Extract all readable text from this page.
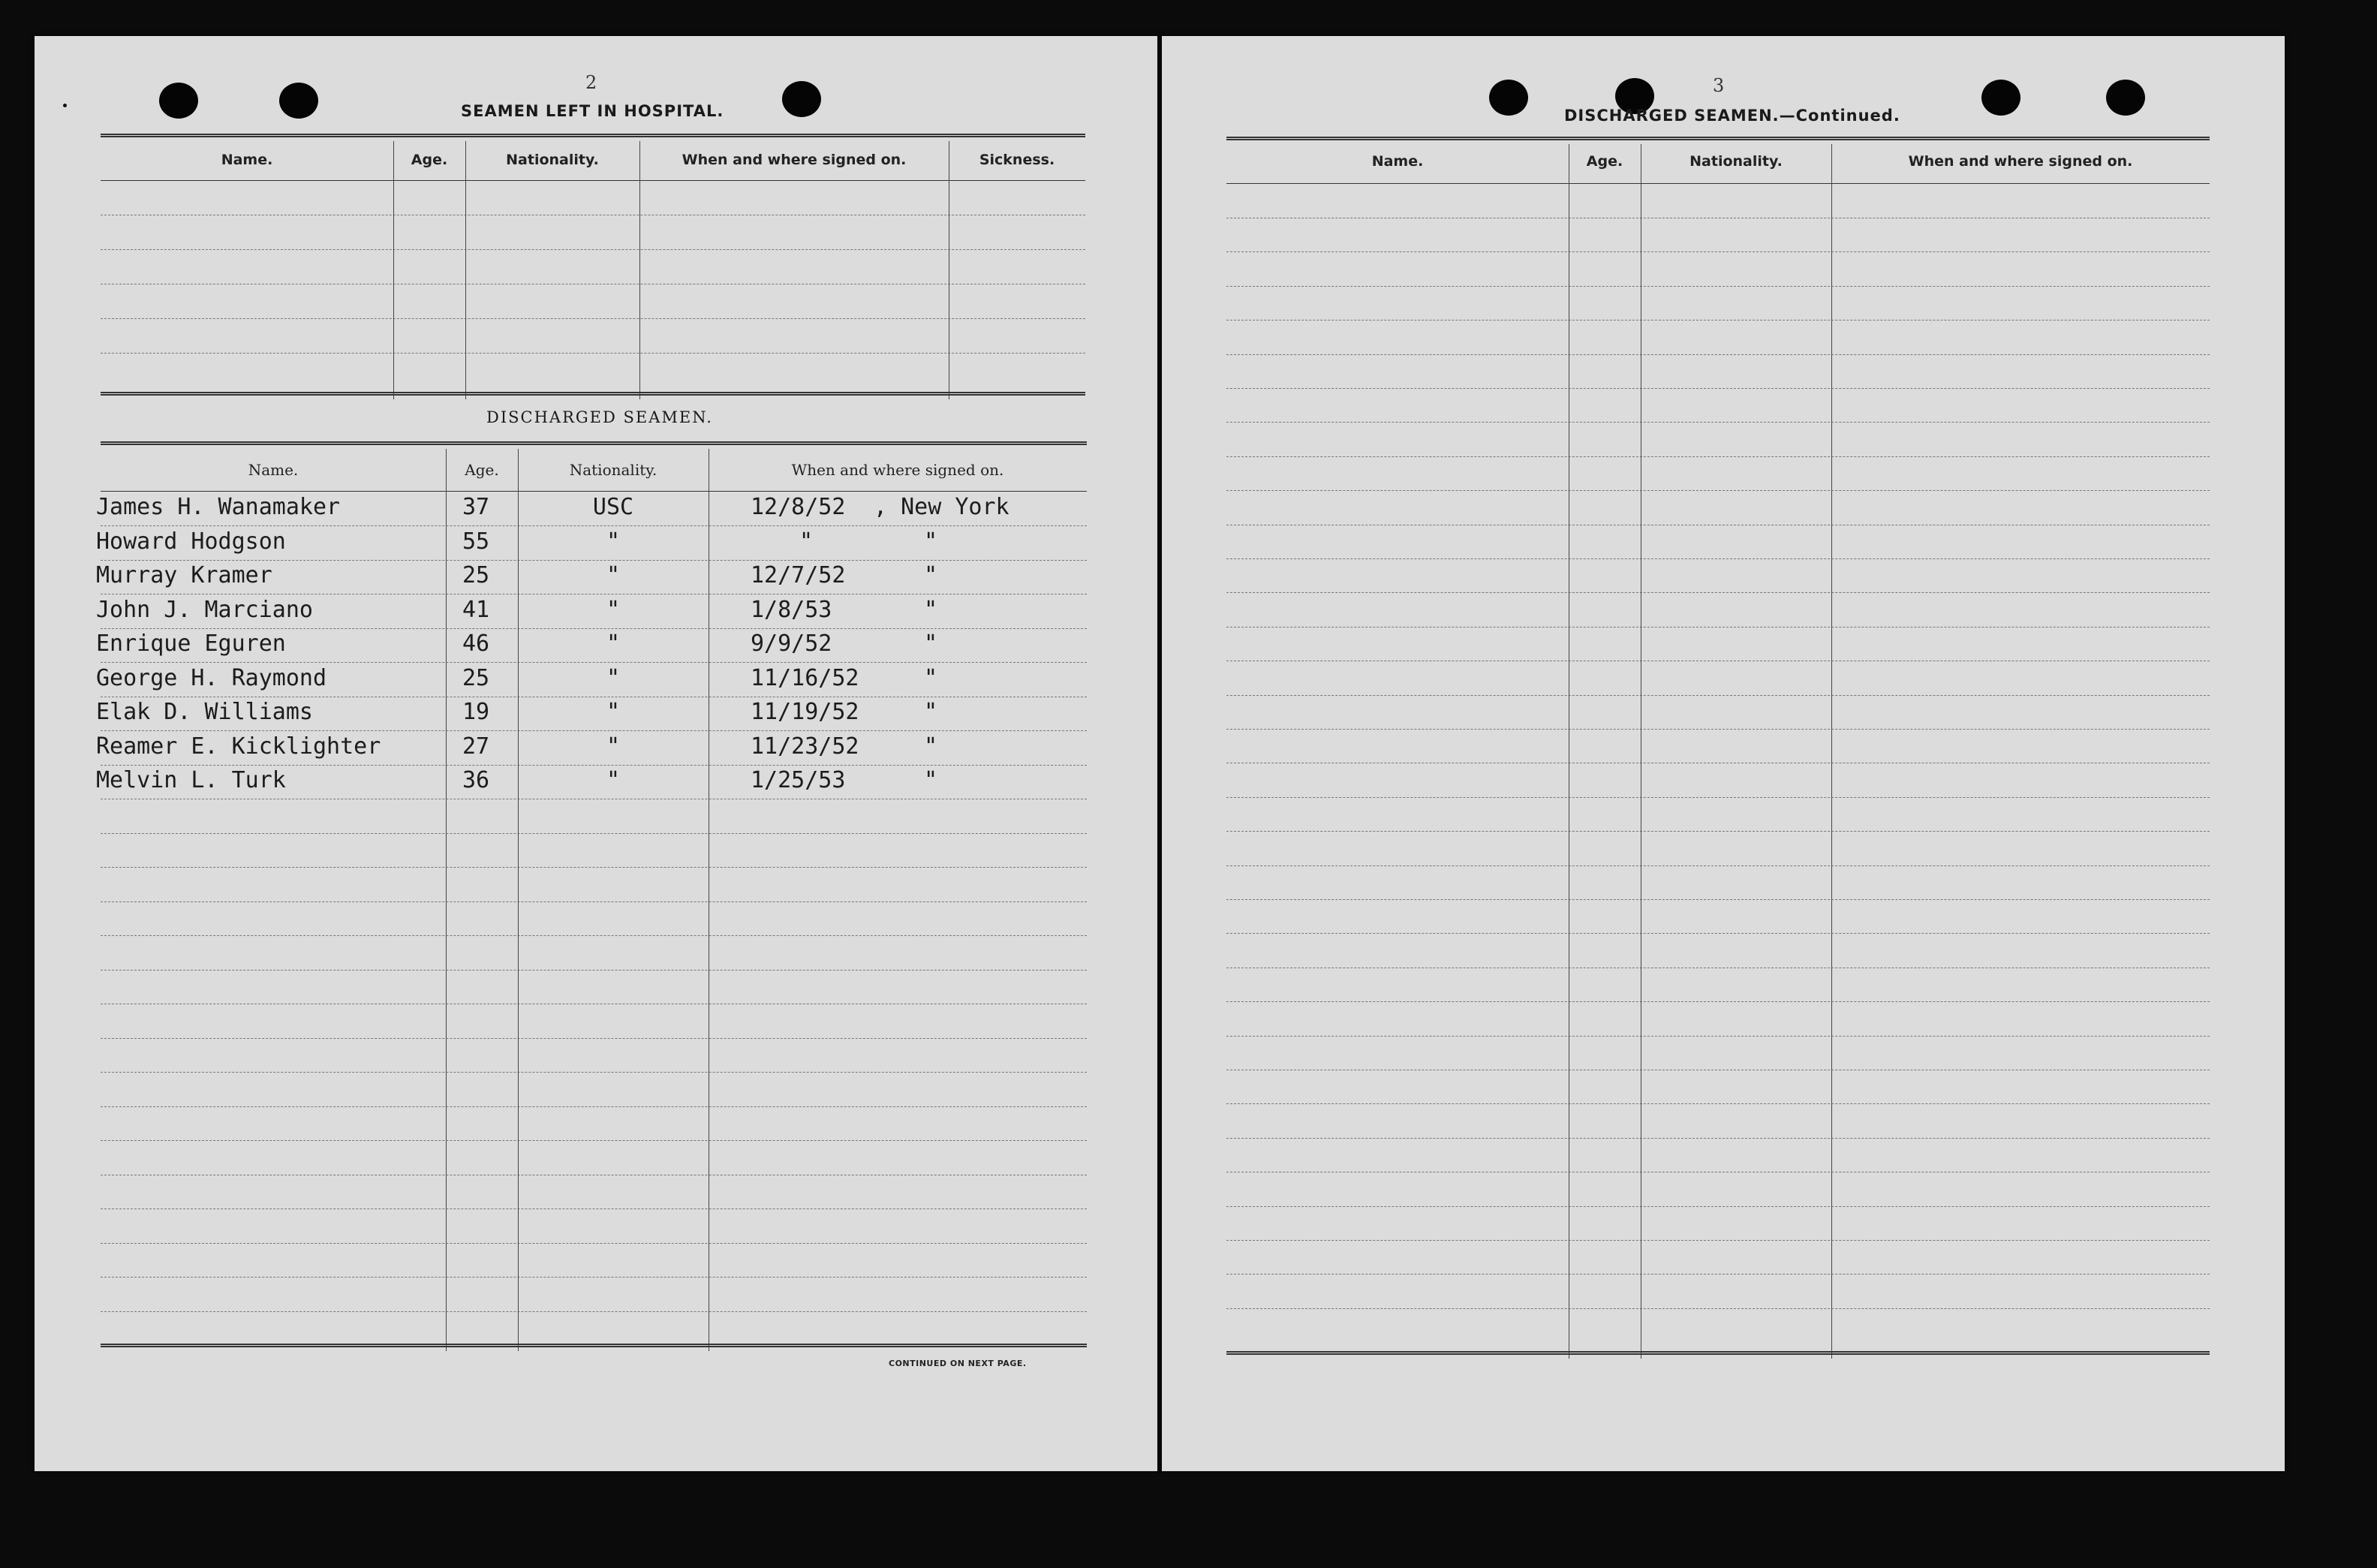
2
SEAMEN LEFT IN HOSPITAL.
Name.	Age.	Nationality.	When and where signed on.	Sickness.
DISCHARGED SEAMEN.
Name.	Age.	Nationality.	When and where signed on.
James H. Wanamaker	37	USC	12/8/52 , New York
Howard Hodgson	55	"	"	"
Murray Kramer	25	"	12/7/52	"
John J. Marciano	41	"	1/8/53	"
Enrique Eguren	46	"	9/9/52	"
George H. Raymond	25	"	11/16/52	"
Elak D. Williams	19	"	11/19/52	"
Reamer E. Kicklighter	27	"	11/23/52	"
Melvin L. Turk	36	"	1/25/53	"
CONTINUED ON NEXT PAGE.
3
DISCHARGED SEAMEN.—Continued.
Name.	Age.	Nationality.	When and where signed on.
